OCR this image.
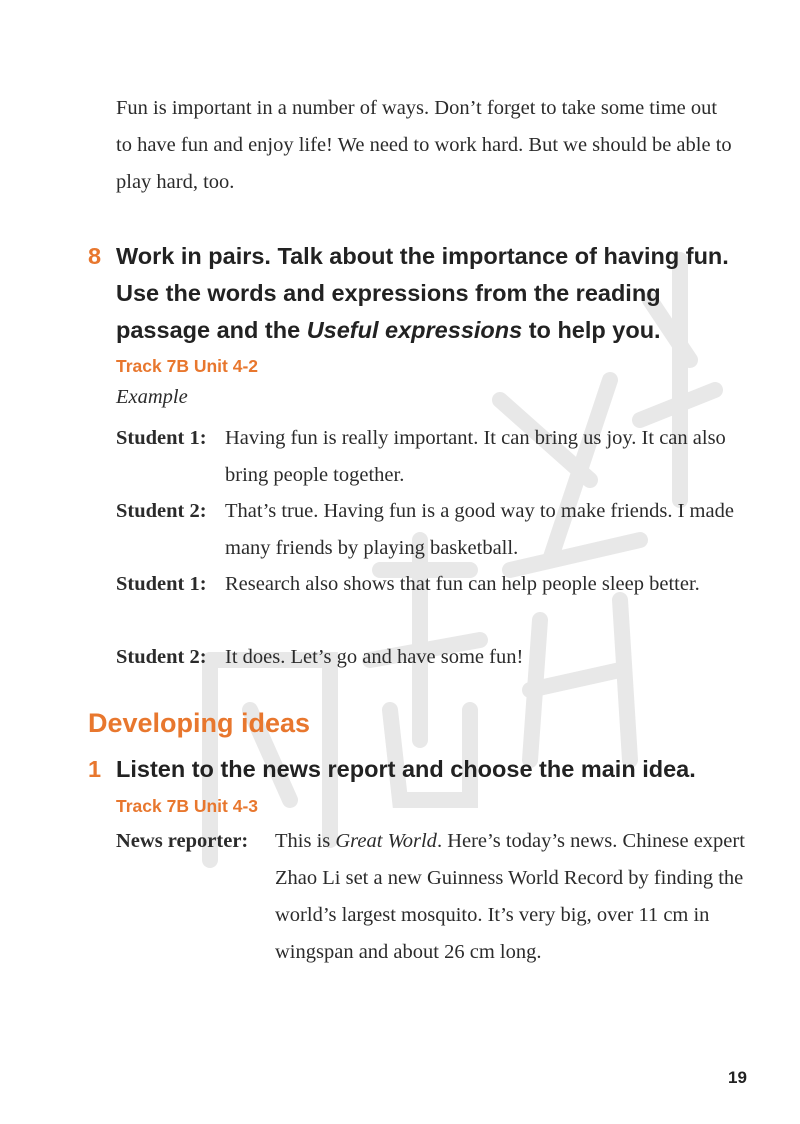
Fun is important in a number of ways. Don’t forget to take some time out to have fun and enjoy life! We need to work hard. But we should be able to play hard, too.

8 Work in pairs. Talk about the importance of having fun. Use the words and expressions from the reading passage and the Useful expressions to help you.
Track 7B Unit 4-2
Example
Student 1: Having fun is really important. It can bring us joy. It can also bring people together.
Student 2: That’s true. Having fun is a good way to make friends. I made many friends by playing basketball.
Student 1: Research also shows that fun can help people sleep better.
Student 2: It does. Let’s go and have some fun!
Developing ideas
1 Listen to the news report and choose the main idea.
Track 7B Unit 4-3
News reporter: This is Great World. Here’s today’s news. Chinese expert Zhao Li set a new Guinness World Record by finding the world’s largest mosquito. It’s very big, over 11 cm in wingspan and about 26 cm long.
19
